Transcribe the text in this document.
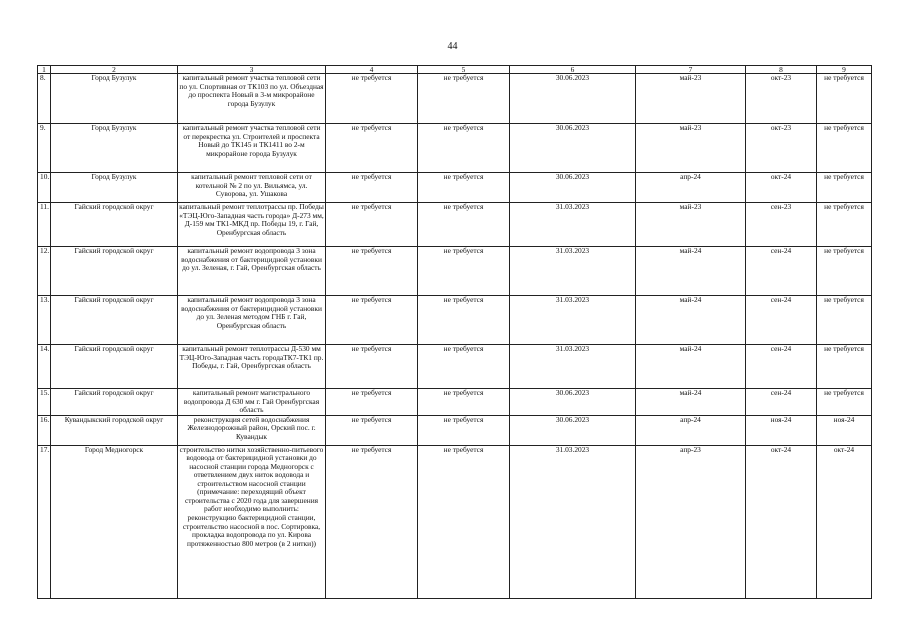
44
1	2	3	4	5	6	7	8	9
8.	Город Бузулук	капитальный ремонт участка тепловой сети по ул. Спортивная от ТК103 по ул. Объездная до проспекта Новый в 3-м микрорайоне города Бузулук	не требуется	не требуется	30.06.2023	май-23	окт-23	не требуется
9.	Город Бузулук	капитальный ремонт участка тепловой сети от перекрестка ул. Строителей и проспекта Новый до ТК145 и ТК1411 во 2-м микрорайоне города Бузулук	не требуется	не требуется	30.06.2023	май-23	окт-23	не требуется
10.	Город Бузулук	капитальный ремонт тепловой сети от котельной № 2 по ул. Вильямса, ул. Суворова, ул. Ушакова	не требуется	не требуется	30.06.2023	апр-24	окт-24	не требуется
11.	Гайский городской округ	капитальный ремонт теплотрассы пр. Победы «ТЭЦ-Юго-Западная часть города» Д-273 мм, Д-159 мм ТК1-МКД пр. Победы 19, г. Гай, Оренбургская область	не требуется	не требуется	31.03.2023	май-23	сен-23	не требуется
12.	Гайский городской округ	капитальный ремонт водопровода 3 зона водоснабжения от бактерицидной установки до ул. Зеленая, г. Гай, Оренбургская область	не требуется	не требуется	31.03.2023	май-24	сен-24	не требуется
13.	Гайский городской округ	капитальный ремонт водопровода 3 зона водоснабжения от бактерицидной установки до ул. Зеленая методом ГНБ г. Гай, Оренбургская область	не требуется	не требуется	31.03.2023	май-24	сен-24	не требуется
14.	Гайский городской округ	капитальный ремонт теплотрассы Д-530 мм ТЭЦ-Юго-Западная часть городаТК7-ТК1 пр. Победы, г. Гай, Оренбургская область	не требуется	не требуется	31.03.2023	май-24	сен-24	не требуется
15.	Гайский городской округ	капитальный ремонт магистрального водопровода Д 630 мм г. Гай Оренбургская область	не требуется	не требуется	30.06.2023	май-24	сен-24	не требуется
16.	Кувандыкский городской округ	реконструкция сетей водоснабжения Железнодорожный район, Орский пос. г. Кувандык	не требуется	не требуется	30.06.2023	апр-24	ноя-24	ноя-24
17.	Город Медногорск	строительство нитки хозяйственно-питьевого водовода от бактерицидной установки до насосной станции города Медногорск с ответвлением двух ниток водовода и строительством насосной станции (примечание: переходящий объект строительства с 2020 года для завершения работ необходимо выполнить: реконструкцию бактерицидной станции, строительство насосной в пос. Сортировка, прокладка водопровода по ул. Кирова протяженностью 800 метров (в 2 нитки))	не требуется	не требуется	31.03.2023	апр-23	окт-24	окт-24
